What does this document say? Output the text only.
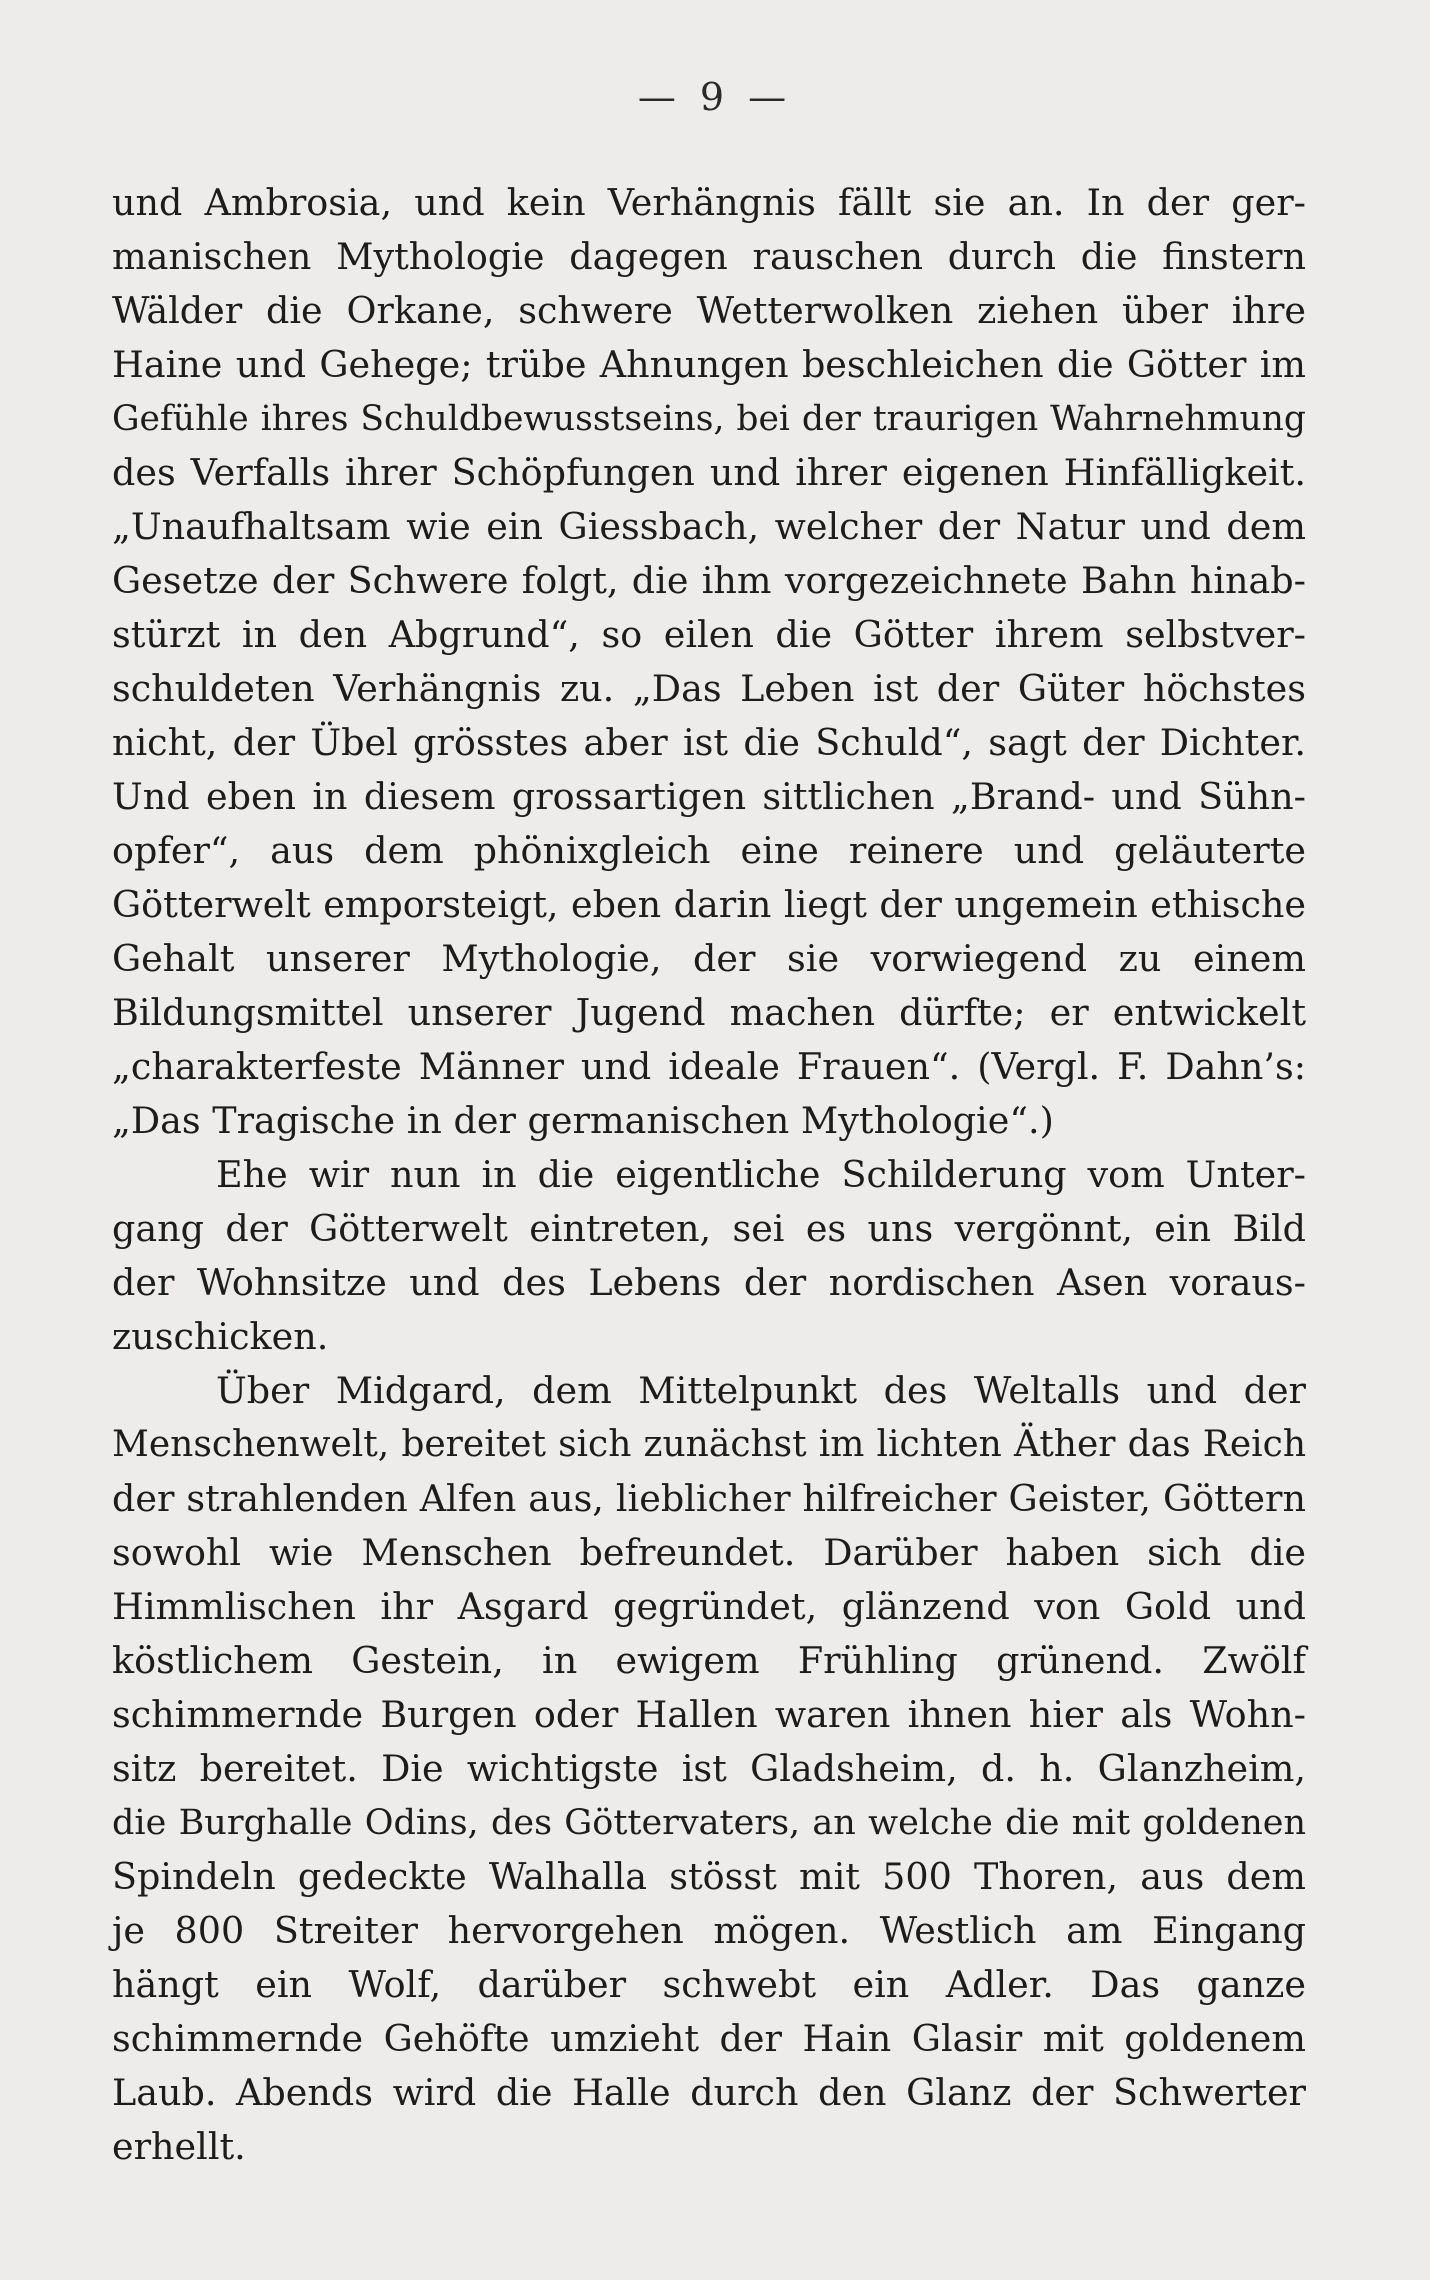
— 9 —
und Ambrosia, und kein Verhängnis fällt sie an. In der ger-
manischen Mythologie dagegen rauschen durch die finstern
Wälder die Orkane, schwere Wetterwolken ziehen über ihre
Haine und Gehege; trübe Ahnungen beschleichen die Götter im
Gefühle ihres Schuldbewusstseins, bei der traurigen Wahrnehmung
des Verfalls ihrer Schöpfungen und ihrer eigenen Hinfälligkeit.
„Unaufhaltsam wie ein Giessbach, welcher der Natur und dem
Gesetze der Schwere folgt, die ihm vorgezeichnete Bahn hinab-
stürzt in den Abgrund“, so eilen die Götter ihrem selbstver-
schuldeten Verhängnis zu. „Das Leben ist der Güter höchstes
nicht, der Übel grösstes aber ist die Schuld“, sagt der Dichter.
Und eben in diesem grossartigen sittlichen „Brand- und Sühn-
opfer“, aus dem phönixgleich eine reinere und geläuterte
Götterwelt emporsteigt, eben darin liegt der ungemein ethische
Gehalt unserer Mythologie, der sie vorwiegend zu einem
Bildungsmittel unserer Jugend machen dürfte; er entwickelt
„charakterfeste Männer und ideale Frauen“. (Vergl. F. Dahn’s:
„Das Tragische in der germanischen Mythologie“.)
Ehe wir nun in die eigentliche Schilderung vom Unter-
gang der Götterwelt eintreten, sei es uns vergönnt, ein Bild
der Wohnsitze und des Lebens der nordischen Asen voraus-
zuschicken.
Über Midgard, dem Mittelpunkt des Weltalls und der
Menschenwelt, bereitet sich zunächst im lichten Äther das Reich
der strahlenden Alfen aus, lieblicher hilfreicher Geister, Göttern
sowohl wie Menschen befreundet. Darüber haben sich die
Himmlischen ihr Asgard gegründet, glänzend von Gold und
köstlichem Gestein, in ewigem Frühling grünend. Zwölf
schimmernde Burgen oder Hallen waren ihnen hier als Wohn-
sitz bereitet. Die wichtigste ist Gladsheim, d. h. Glanzheim,
die Burghalle Odins, des Göttervaters, an welche die mit goldenen
Spindeln gedeckte Walhalla stösst mit 500 Thoren, aus dem
je 800 Streiter hervorgehen mögen. Westlich am Eingang
hängt ein Wolf, darüber schwebt ein Adler. Das ganze
schimmernde Gehöfte umzieht der Hain Glasir mit goldenem
Laub. Abends wird die Halle durch den Glanz der Schwerter
erhellt.
